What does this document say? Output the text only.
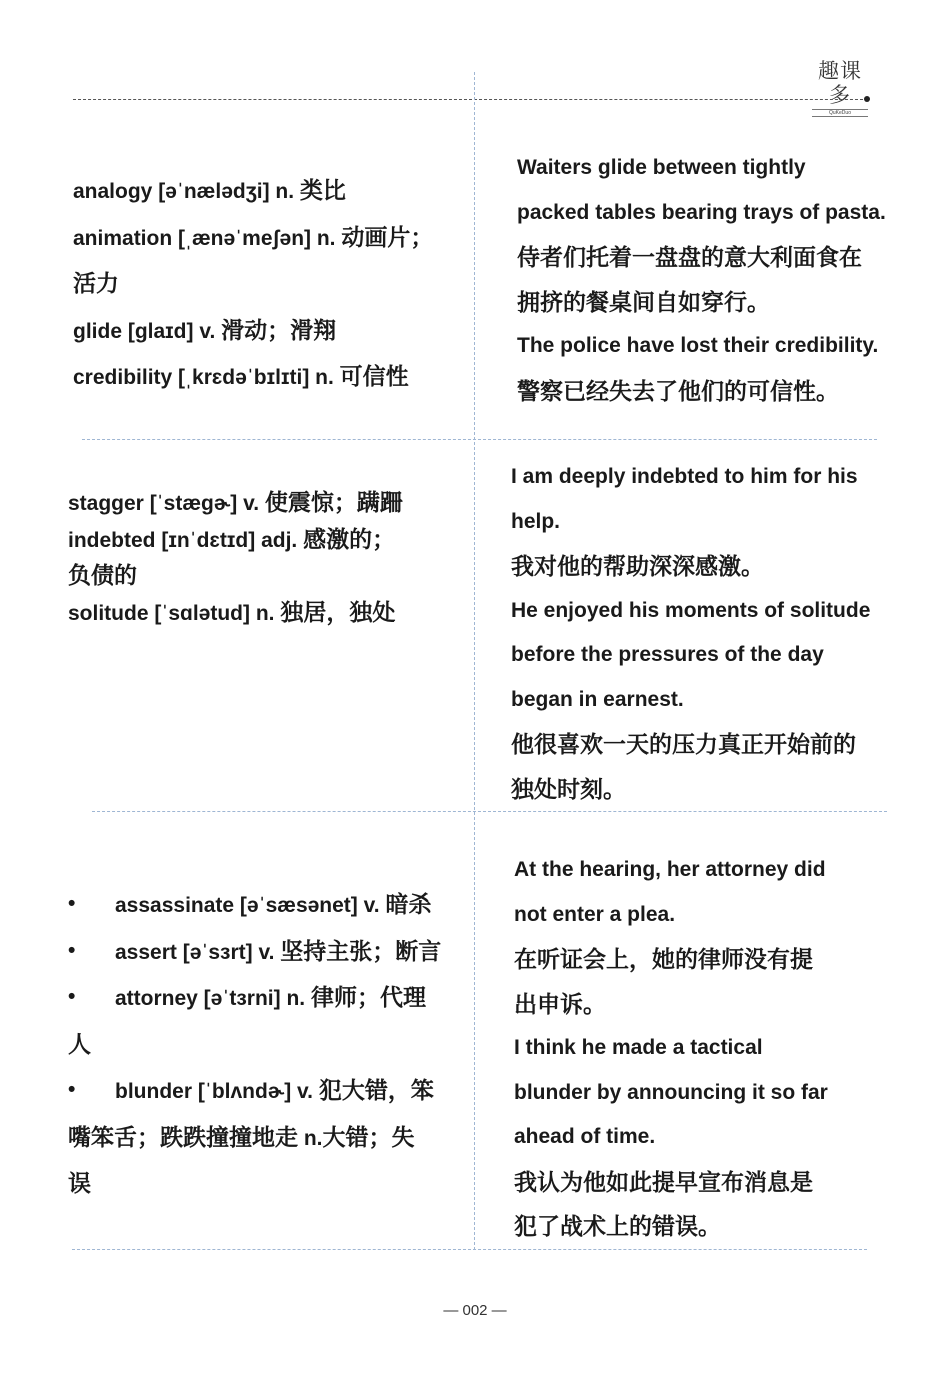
趣课多
QuKeDuo

analogy [əˈnælədʒi] n. 类比

animation [ˌænəˈmeʃən] n. 动画片；

活力

glide [glaɪd] v. 滑动；滑翔

credibility [ˌkrɛdəˈbɪlɪti] n. 可信性

Waiters glide between tightly

packed tables bearing trays of pasta.

侍者们托着一盘盘的意大利面食在

拥挤的餐桌间自如穿行。

The police have lost their credibility.

警察已经失去了他们的可信性。

stagger [ˈstægɚ] v. 使震惊；蹒跚

indebted [ɪnˈdɛtɪd] adj. 感激的；

负债的

solitude [ˈsɑlətud] n. 独居，独处

I am deeply indebted to him for his

help.

我对他的帮助深深感激。

He enjoyed his moments of solitude

before the pressures of the day

began in earnest.

他很喜欢一天的压力真正开始前的

独处时刻。

• assassinate [əˈsæsənet] v. 暗杀
• assert [əˈsɜrt] v. 坚持主张；断言
• attorney [əˈtɜrni] n. 律师；代理
人
• blunder [ˈblʌndɚ] v. 犯大错，笨
嘴笨舌；跌跌撞撞地走 n.大错；失
误

At the hearing, her attorney did

not enter a plea.

在听证会上，她的律师没有提

出申诉。

I think he made a tactical

blunder by announcing it so far

ahead of time.

我认为他如此提早宣布消息是

犯了战术上的错误。

— 002 —
